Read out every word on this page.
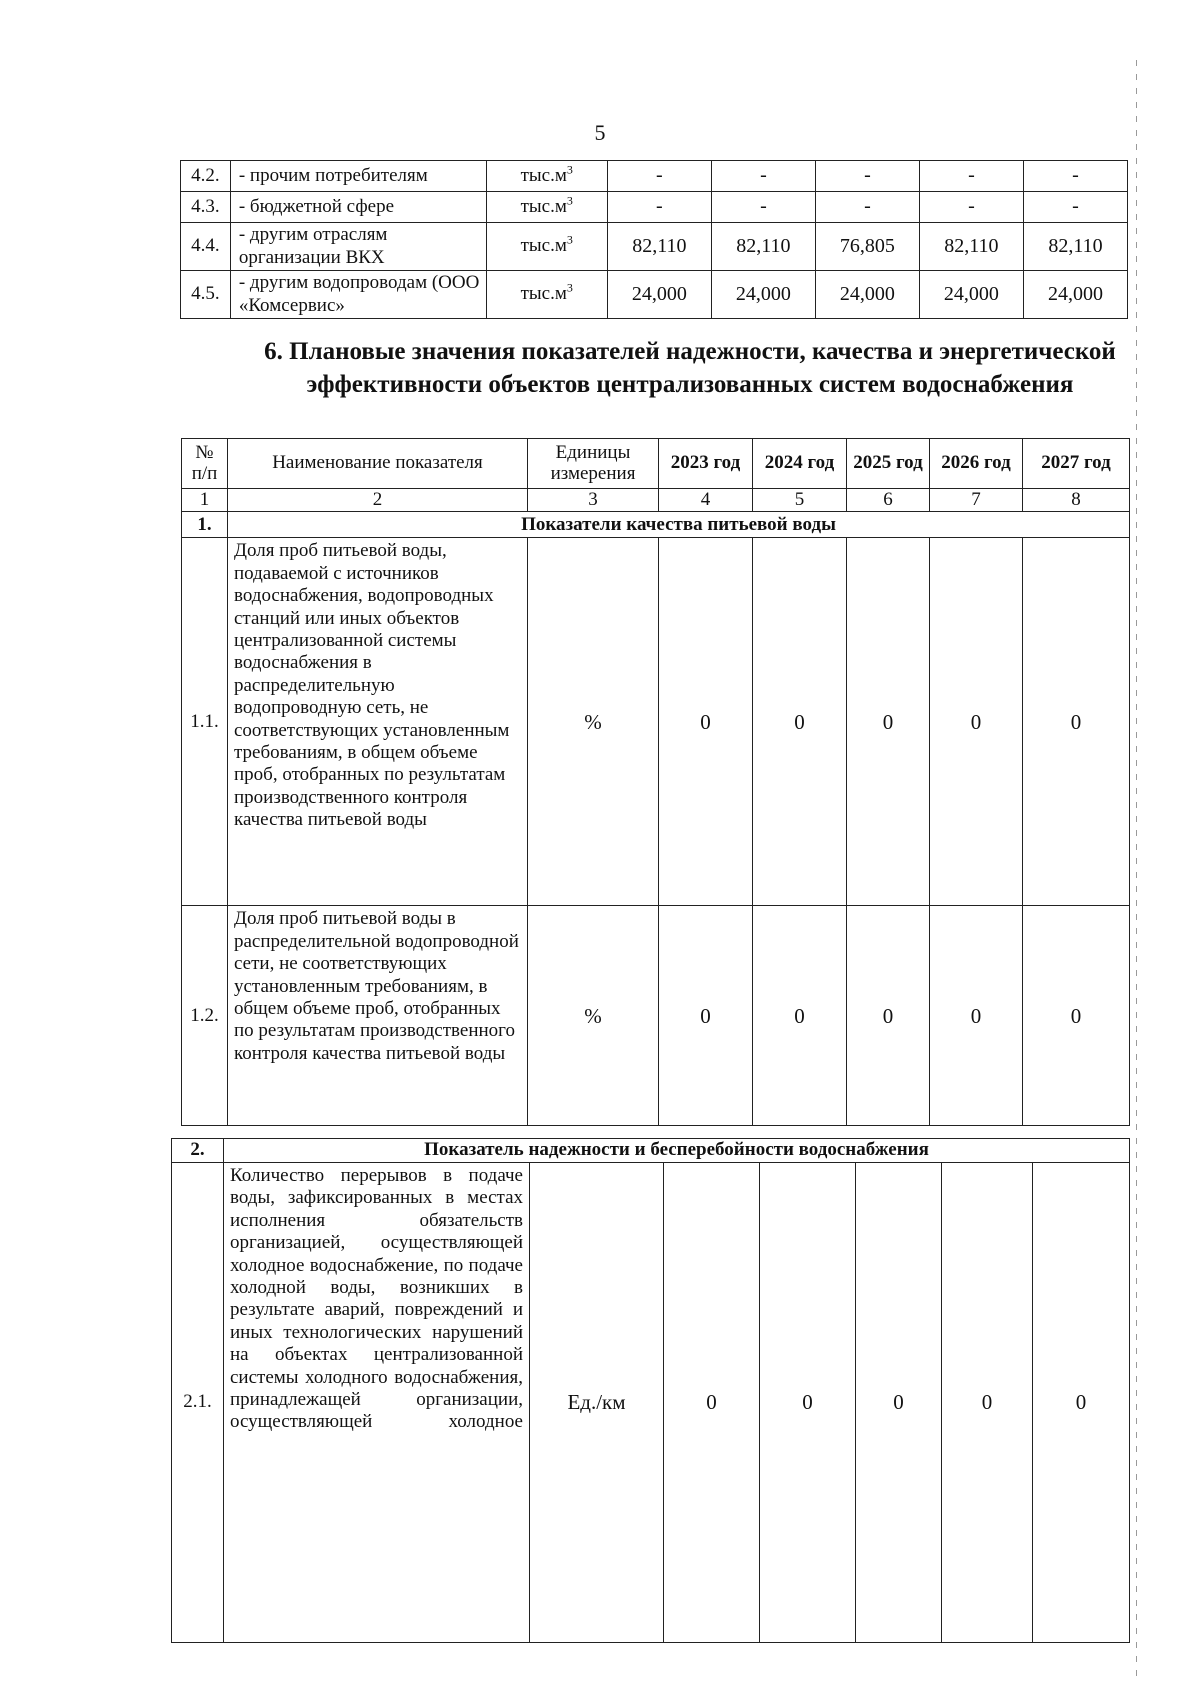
5
4.2.	- прочим потребителям	$тыс.м^3$	-	-	-	-	-
4.3.	- бюджетной сфере	$тыс.м^3$	-	-	-	-	-
4.4.	- другим отраслям организации ВКХ	$тыс.м^3$	82,110	82,110	76,805	82,110	82,110
4.5.	- другим водопроводам (ООО «Комсервис»	$тыс.м^3$	24,000	24,000	24,000	24,000	24,000
6. Плановые значения показателей надежности, качества и энергетической эффективности объектов централизованных систем водоснабжения
№ п/п	Наименование показателя	Единицы измерения	2023 год	2024 год	2025 год	2026 год	2027 год
1	2	3	4	5	6	7	8
1.	Показатели качества питьевой воды						
1.1.	Доля проб питьевой воды, подаваемой с источников водоснабжения, водопроводных станций или иных объектов централизованной системы водоснабжения в распределительную водопроводную сеть, не соответствующих установленным требованиям, в общем объеме проб, отобранных по результатам производственного контроля качества питьевой воды	%	0	0	0	0	0
1.2.	Доля проб питьевой воды в распределительной водопроводной сети, не соответствующих установленным требованиям, в общем объеме проб, отобранных по результатам производственного контроля качества питьевой воды	%	0	0	0	0	0
2.	Показатель надежности и бесперебойности водоснабжения						
2.1.	Количество перерывов в подаче воды, зафиксированных в местах исполнения обязательств организацией, осуществляющей холодное водоснабжение, по подаче холодной воды, возникших в результате аварий, повреждений и иных технологических нарушений на объектах централизованной системы холодного водоснабжения, принадлежащей организации, осуществляющей холодное	Ед./км	0	0	0	0	0
